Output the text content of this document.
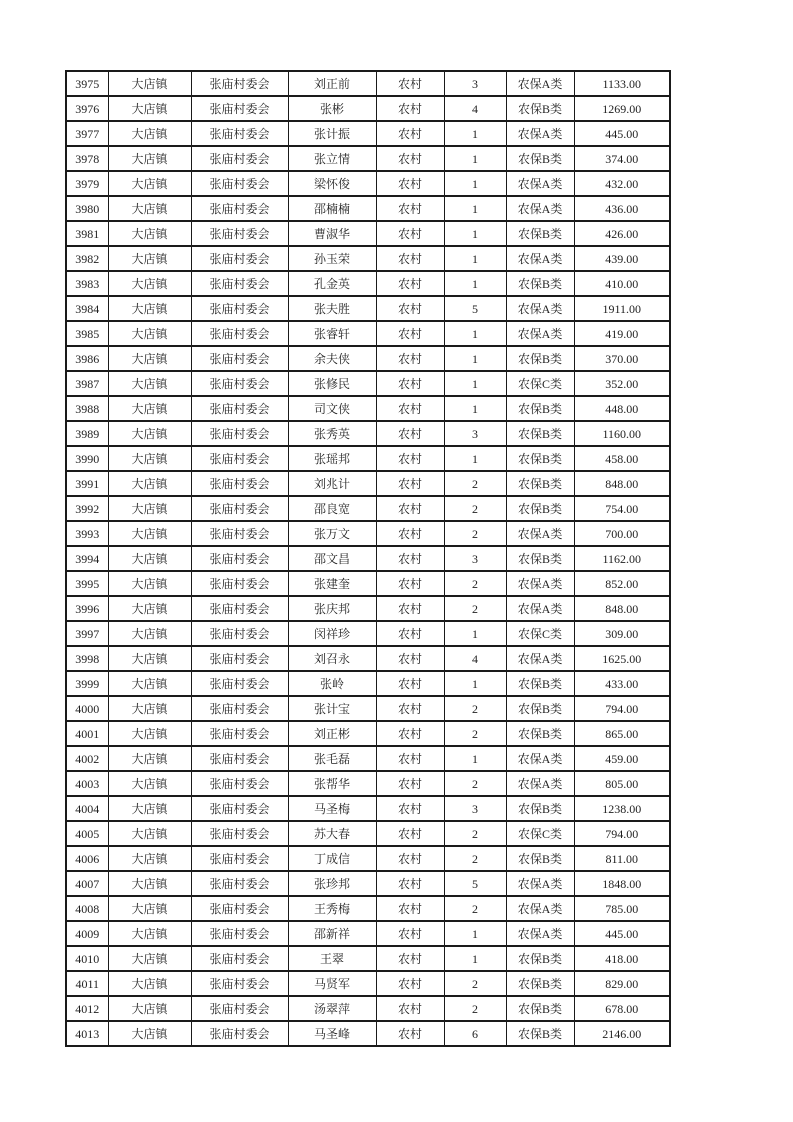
3975	大店镇	张庙村委会	刘正前	农村	3	农保A类	1133.00
3976	大店镇	张庙村委会	张彬	农村	4	农保B类	1269.00
3977	大店镇	张庙村委会	张计振	农村	1	农保A类	445.00
3978	大店镇	张庙村委会	张立情	农村	1	农保B类	374.00
3979	大店镇	张庙村委会	梁怀俊	农村	1	农保A类	432.00
3980	大店镇	张庙村委会	邵楠楠	农村	1	农保A类	436.00
3981	大店镇	张庙村委会	曹淑华	农村	1	农保B类	426.00
3982	大店镇	张庙村委会	孙玉荣	农村	1	农保A类	439.00
3983	大店镇	张庙村委会	孔金英	农村	1	农保B类	410.00
3984	大店镇	张庙村委会	张夫胜	农村	5	农保A类	1911.00
3985	大店镇	张庙村委会	张睿轩	农村	1	农保A类	419.00
3986	大店镇	张庙村委会	余夫侠	农村	1	农保B类	370.00
3987	大店镇	张庙村委会	张修民	农村	1	农保C类	352.00
3988	大店镇	张庙村委会	司文侠	农村	1	农保B类	448.00
3989	大店镇	张庙村委会	张秀英	农村	3	农保B类	1160.00
3990	大店镇	张庙村委会	张瑶邦	农村	1	农保B类	458.00
3991	大店镇	张庙村委会	刘兆计	农村	2	农保B类	848.00
3992	大店镇	张庙村委会	邵良宽	农村	2	农保B类	754.00
3993	大店镇	张庙村委会	张万文	农村	2	农保A类	700.00
3994	大店镇	张庙村委会	邵文昌	农村	3	农保B类	1162.00
3995	大店镇	张庙村委会	张建奎	农村	2	农保A类	852.00
3996	大店镇	张庙村委会	张庆邦	农村	2	农保A类	848.00
3997	大店镇	张庙村委会	闵祥珍	农村	1	农保C类	309.00
3998	大店镇	张庙村委会	刘召永	农村	4	农保A类	1625.00
3999	大店镇	张庙村委会	张岭	农村	1	农保B类	433.00
4000	大店镇	张庙村委会	张计宝	农村	2	农保B类	794.00
4001	大店镇	张庙村委会	刘正彬	农村	2	农保B类	865.00
4002	大店镇	张庙村委会	张毛磊	农村	1	农保A类	459.00
4003	大店镇	张庙村委会	张帮华	农村	2	农保A类	805.00
4004	大店镇	张庙村委会	马圣梅	农村	3	农保B类	1238.00
4005	大店镇	张庙村委会	苏大春	农村	2	农保C类	794.00
4006	大店镇	张庙村委会	丁成信	农村	2	农保B类	811.00
4007	大店镇	张庙村委会	张珍邦	农村	5	农保A类	1848.00
4008	大店镇	张庙村委会	王秀梅	农村	2	农保A类	785.00
4009	大店镇	张庙村委会	邵新祥	农村	1	农保A类	445.00
4010	大店镇	张庙村委会	王翠	农村	1	农保B类	418.00
4011	大店镇	张庙村委会	马贤军	农村	2	农保B类	829.00
4012	大店镇	张庙村委会	汤翠萍	农村	2	农保B类	678.00
4013	大店镇	张庙村委会	马圣峰	农村	6	农保B类	2146.00
